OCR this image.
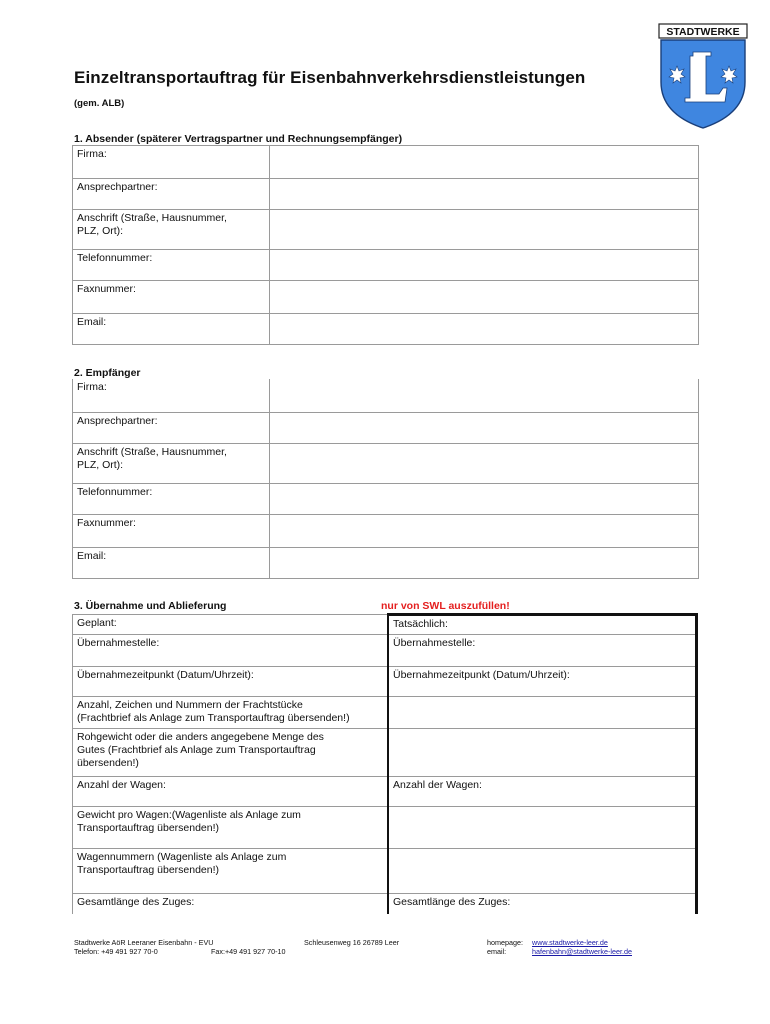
Einzeltransportauftrag für Eisenbahnverkehrsdienstleistungen
(gem. ALB)
STADTWERKE
1. Absender (späterer Vertragspartner und Rechnungsempfänger)
Firma:	
Ansprechpartner:	
Anschrift (Straße, Hausnummer,
PLZ, Ort):	
Telefonnummer:	
Faxnummer:	
Email:	
2. Empfänger
Firma:	
Ansprechpartner:	
Anschrift (Straße, Hausnummer,
PLZ, Ort):	
Telefonnummer:	
Faxnummer:	
Email:	
3. Übernahme und Ablieferung	nur von SWL auszufüllen!
Geplant:	Tatsächlich:
Übernahmestelle:	Übernahmestelle:
Übernahmezeitpunkt (Datum/Uhrzeit):	Übernahmezeitpunkt (Datum/Uhrzeit):
Anzahl, Zeichen und Nummern der Frachtstücke
(Frachtbrief als Anlage zum Transportauftrag übersenden!)	
Rohgewicht oder die anders angegebene Menge des
Gutes (Frachtbrief als Anlage zum Transportauftrag
übersenden!)	
Anzahl der Wagen:	Anzahl der Wagen:
Gewicht pro Wagen:(Wagenliste als Anlage zum
Transportauftrag übersenden!)	
Wagennummern (Wagenliste als Anlage zum
Transportauftrag übersenden!)	
Gesamtlänge des Zuges:	Gesamtlänge des Zuges:
Stadtwerke AöR Leeraner Eisenbahn - EVU
Telefon: +49 491 927 70-0	Fax:+49 491 927 70-10
Schleusenweg 16 26789 Leer	homepage:
email:
www.stadtwerke-leer.de
hafenbahn@stadtwerke-leer.de
